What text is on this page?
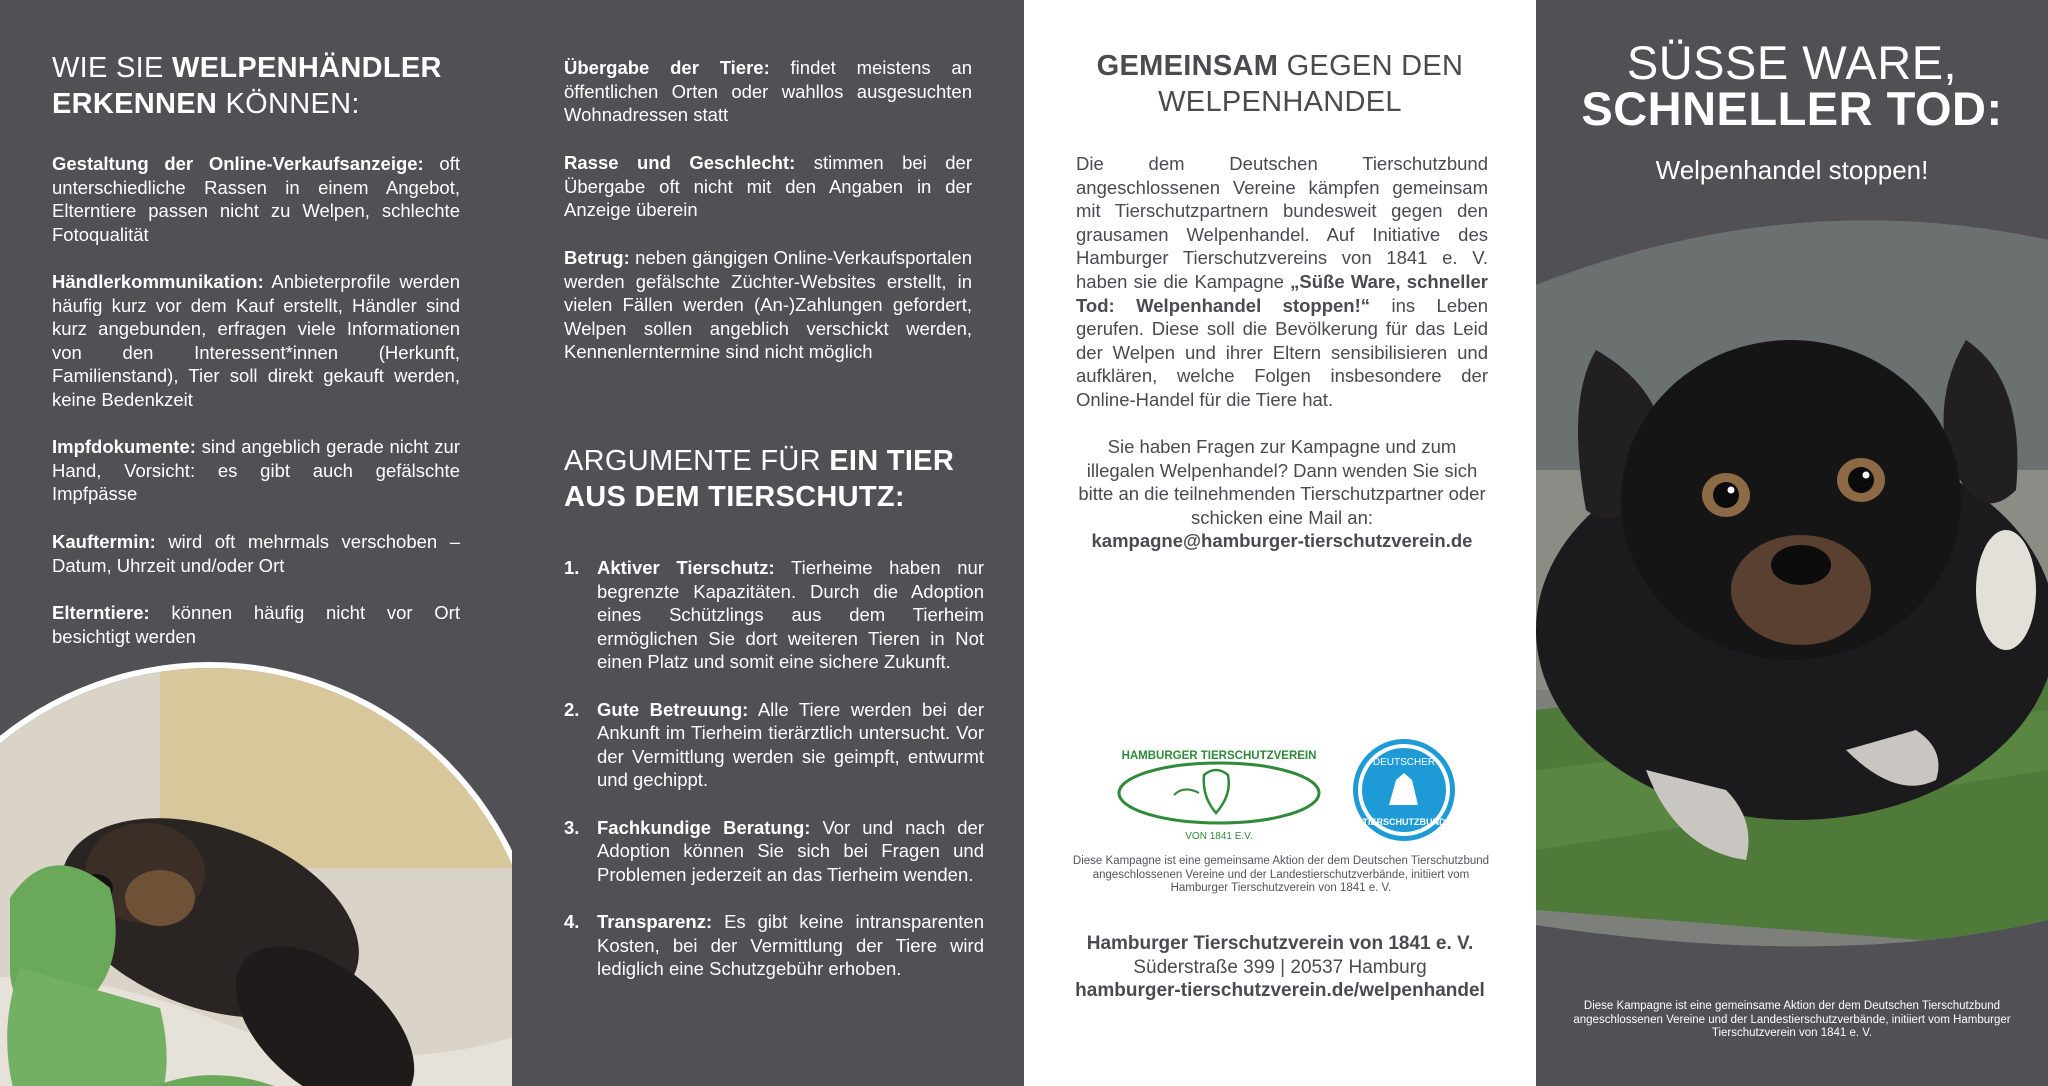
WIE SIE WELPENHÄNDLER ERKENNEN KÖNNEN:
Gestaltung der Online-Verkaufsanzeige: oft unterschiedliche Rassen in einem Angebot, Elterntiere passen nicht zu Welpen, schlechte Fotoqualität
Händlerkommunikation: Anbieterprofile werden häufig kurz vor dem Kauf erstellt, Händler sind kurz angebunden, erfragen viele Informationen von den Interessent*innen (Herkunft, Familienstand), Tier soll direkt gekauft werden, keine Bedenkzeit
Impfdokumente: sind angeblich gerade nicht zur Hand, Vorsicht: es gibt auch gefälschte Impfpässe
Kauftermin: wird oft mehrmals verschoben – Datum, Uhrzeit und/oder Ort
Elterntiere: können häufig nicht vor Ort besichtigt werden
Übergabe der Tiere: findet meistens an öffentlichen Orten oder wahllos ausgesuchten Wohnadressen statt
Rasse und Geschlecht: stimmen bei der Übergabe oft nicht mit den Angaben in der Anzeige überein
Betrug: neben gängigen Online-Verkaufsportalen werden gefälschte Züchter-Websites erstellt, in vielen Fällen werden (An-)Zahlungen gefordert, Welpen sollen angeblich verschickt werden, Kennenlerntermine sind nicht möglich
ARGUMENTE FÜR EIN TIER
AUS DEM TIERSCHUTZ:
1. Aktiver Tierschutz: Tierheime haben nur begrenzte Kapazitäten. Durch die Adoption eines Schützlings aus dem Tierheim ermöglichen Sie dort weiteren Tieren in Not einen Platz und somit eine sichere Zukunft.
2. Gute Betreuung: Alle Tiere werden bei der Ankunft im Tierheim tierärztlich untersucht. Vor der Vermittlung werden sie geimpft, entwurmt und gechippt.
3. Fachkundige Beratung: Vor und nach der Adoption können Sie sich bei Fragen und Problemen jederzeit an das Tierheim wenden.
4. Transparenz: Es gibt keine intransparenten Kosten, bei der Vermittlung der Tiere wird lediglich eine Schutzgebühr erhoben.
GEMEINSAM GEGEN DEN
WELPENHANDEL
Die dem Deutschen Tierschutzbund angeschlossenen Vereine kämpfen gemeinsam mit Tierschutzpartnern bundesweit gegen den grausamen Welpenhandel. Auf Initiative des Hamburger Tierschutzvereins von 1841 e. V. haben sie die Kampagne „Süße Ware, schneller Tod: Welpenhandel stoppen!“ ins Leben gerufen. Diese soll die Bevölkerung für das Leid der Welpen und ihrer Eltern sensibilisieren und aufklären, welche Folgen insbesondere der Online-Handel für die Tiere hat.
Sie haben Fragen zur Kampagne und zum illegalen Welpenhandel? Dann wenden Sie sich bitte an die teilnehmenden Tierschutzpartner oder schicken eine Mail an:
kampagne@hamburger-tierschutzverein.de
HAMBURGER TIERSCHUTZVEREIN
VON 1841 E.V.
DEUTSCHER
TIERSCHUTZBUND
Diese Kampagne ist eine gemeinsame Aktion der dem Deutschen Tierschutzbund angeschlossenen Vereine und der Landestierschutzverbände, initiiert vom Hamburger Tierschutzverein von 1841 e. V.
Hamburger Tierschutzverein von 1841 e. V.
Süderstraße 399 | 20537 Hamburg
hamburger-tierschutzverein.de/welpenhandel
SÜSSE WARE,
SCHNELLER TOD:
Welpenhandel stoppen!
Diese Kampagne ist eine gemeinsame Aktion der dem Deutschen Tierschutzbund angeschlossenen Vereine und der Landestierschutzverbände, initiiert vom Hamburger Tierschutzverein von 1841 e. V.
